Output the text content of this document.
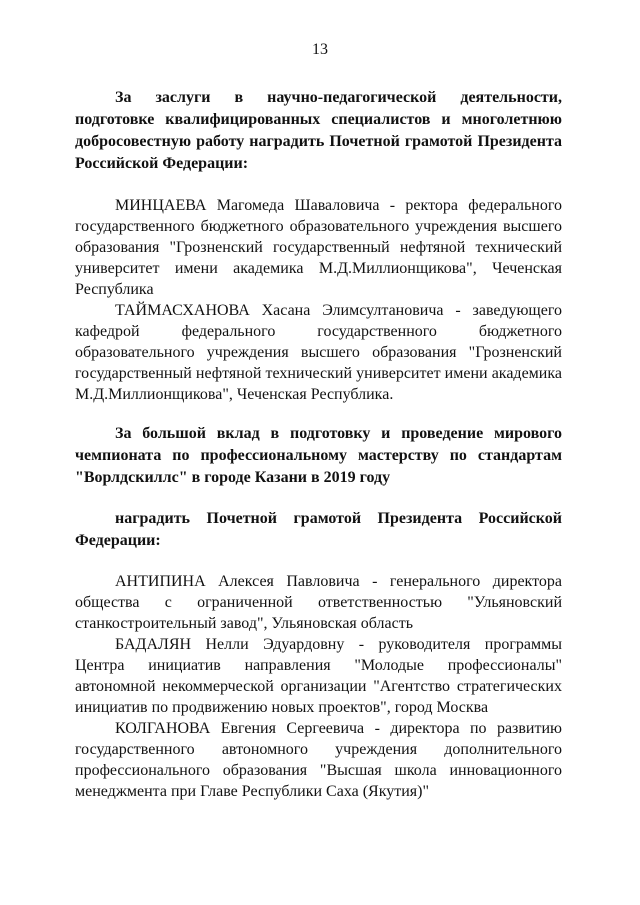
13

За заслуги в научно-педагогической деятельности, подготовке квалифицированных специалистов и многолетнюю добросовестную работу наградить Почетной грамотой Президента Российской Федерации:

МИНЦАЕВА Магомеда Шаваловича - ректора федерального государственного бюджетного образовательного учреждения высшего образования "Грозненский государственный нефтяной технический университет имени академика М.Д.Миллионщикова", Чеченская Республика

ТАЙМАСХАНОВА Хасана Элимсултановича - заведующего кафедрой федерального государственного бюджетного образовательного учреждения высшего образования "Грозненский государственный нефтяной технический университет имени академика М.Д.Миллионщикова", Чеченская Республика.

За большой вклад в подготовку и проведение мирового чемпионата по профессиональному мастерству по стандартам "Ворлдскиллс" в городе Казани в 2019 году

наградить Почетной грамотой Президента Российской Федерации:

АНТИПИНА Алексея Павловича - генерального директора общества с ограниченной ответственностью "Ульяновский станкостроительный завод", Ульяновская область

БАДАЛЯН Нелли Эдуардовну - руководителя программы Центра инициатив направления "Молодые профессионалы" автономной некоммерческой организации "Агентство стратегических инициатив по продвижению новых проектов", город Москва

КОЛГАНОВА Евгения Сергеевича - директора по развитию государственного автономного учреждения дополнительного профессионального образования "Высшая школа инновационного менеджмента при Главе Республики Саха (Якутия)"
